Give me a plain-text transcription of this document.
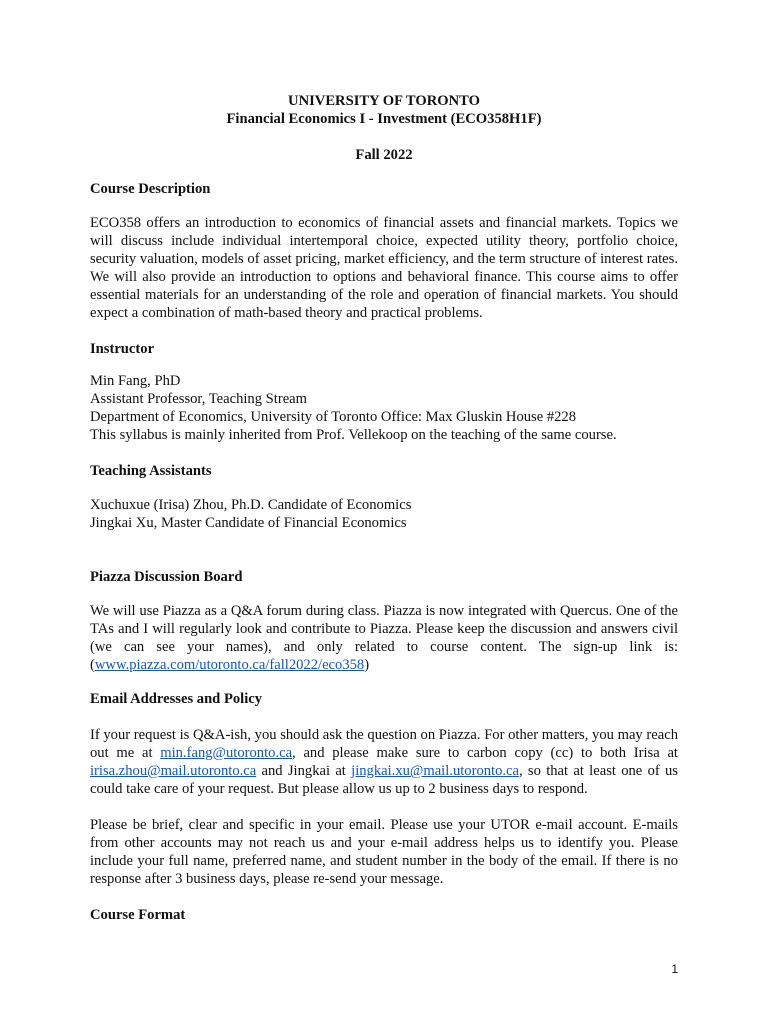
UNIVERSITY OF TORONTO
Financial Economics I - Investment (ECO358H1F)
Fall 2022
Course Description

ECO358 offers an introduction to economics of financial assets and financial markets. Topics we will discuss include individual intertemporal choice, expected utility theory, portfolio choice, security valuation, models of asset pricing, market efficiency, and the term structure of interest rates. We will also provide an introduction to options and behavioral finance. This course aims to offer essential materials for an understanding of the role and operation of financial markets. You should expect a combination of math-based theory and practical problems.

Instructor
Min Fang, PhD
Assistant Professor, Teaching Stream
Department of Economics, University of Toronto Office: Max Gluskin House #228
This syllabus is mainly inherited from Prof. Vellekoop on the teaching of the same course.
Teaching Assistants
Xuchuxue (Irisa) Zhou, Ph.D. Candidate of Economics
Jingkai Xu, Master Candidate of Financial Economics
Piazza Discussion Board

We will use Piazza as a Q&A forum during class. Piazza is now integrated with Quercus. One of the TAs and I will regularly look and contribute to Piazza. Please keep the discussion and answers civil (we can see your names), and only related to course content. The sign-up link is: (www.piazza.com/utoronto.ca/fall2022/eco358)

Email Addresses and Policy

If your request is Q&A-ish, you should ask the question on Piazza. For other matters, you may reach out me at min.fang@utoronto.ca, and please make sure to carbon copy (cc) to both Irisa at irisa.zhou@mail.utoronto.ca and Jingkai at jingkai.xu@mail.utoronto.ca, so that at least one of us could take care of your request. But please allow us up to 2 business days to respond.

Please be brief, clear and specific in your email. Please use your UTOR e-mail account. E-mails from other accounts may not reach us and your e-mail address helps us to identify you. Please include your full name, preferred name, and student number in the body of the email. If there is no response after 3 business days, please re-send your message.

Course Format
1
